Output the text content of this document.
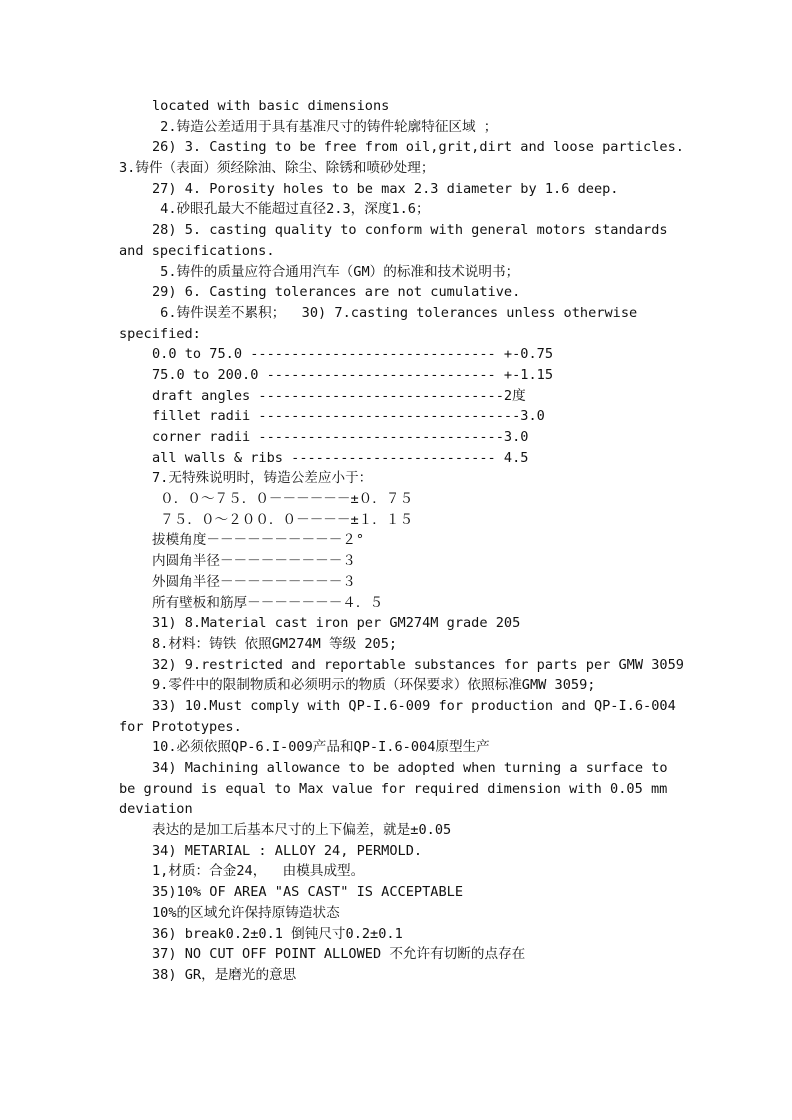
located with basic dimensions
2.铸造公差适用于具有基准尺寸的铸件轮廓特征区域 ；
26) 3. Casting to be free from oil,grit,dirt and loose particles.
3.铸件（表面）须经除油、除尘、除锈和喷砂处理；
27) 4. Porosity holes to be max 2.3 diameter by 1.6 deep.
4.砂眼孔最大不能超过直径2.3，深度1.6；
28) 5. casting quality to conform with general motors standards
and specifications.
5.铸件的质量应符合通用汽车（GM）的标准和技术说明书；
29) 6. Casting tolerances are not cumulative.
6.铸件误差不累积；  30) 7.casting tolerances unless otherwise
specified:
0.0 to 75.0 ------------------------------ +-0.75
75.0 to 200.0 ---------------------------- +-1.15
draft angles ------------------------------2度
fillet radii --------------------------------3.0
corner radii ------------------------------3.0
all walls & ribs ------------------------- 4.5
7.无特殊说明时，铸造公差应小于：
０．０～７５．０－－－－－－±０．７５
７５．０～２００．０－－－－±１．１５
拔模角度－－－－－－－－－－２°
内圆角半径－－－－－－－－－３
外圆角半径－－－－－－－－－３
所有壁板和筋厚－－－－－－－４．５
31) 8.Material cast iron per GM274M grade 205
8.材料：铸铁 依照GM274M 等级 205;
32) 9.restricted and reportable substances for parts per GMW 3059
9.零件中的限制物质和必须明示的物质（环保要求）依照标准GMW 3059;
33) 10.Must comply with QP-I.6-009 for production and QP-I.6-004
for Prototypes.
10.必须依照QP-6.I-009产品和QP-I.6-004原型生产
34) Machining allowance to be adopted when turning a surface to
be ground is equal to Max value for required dimension with 0.05 mm
deviation
表达的是加工后基本尺寸的上下偏差，就是±0.05
34) METARIAL : ALLOY 24, PERMOLD.
1,材质：合金24，  由模具成型。
35)10% OF AREA "AS CAST" IS ACCEPTABLE
10%的区域允许保持原铸造状态
36) break0.2±0.1 倒钝尺寸0.2±0.1
37) NO CUT OFF POINT ALLOWED 不允许有切断的点存在
38) GR，是磨光的意思
